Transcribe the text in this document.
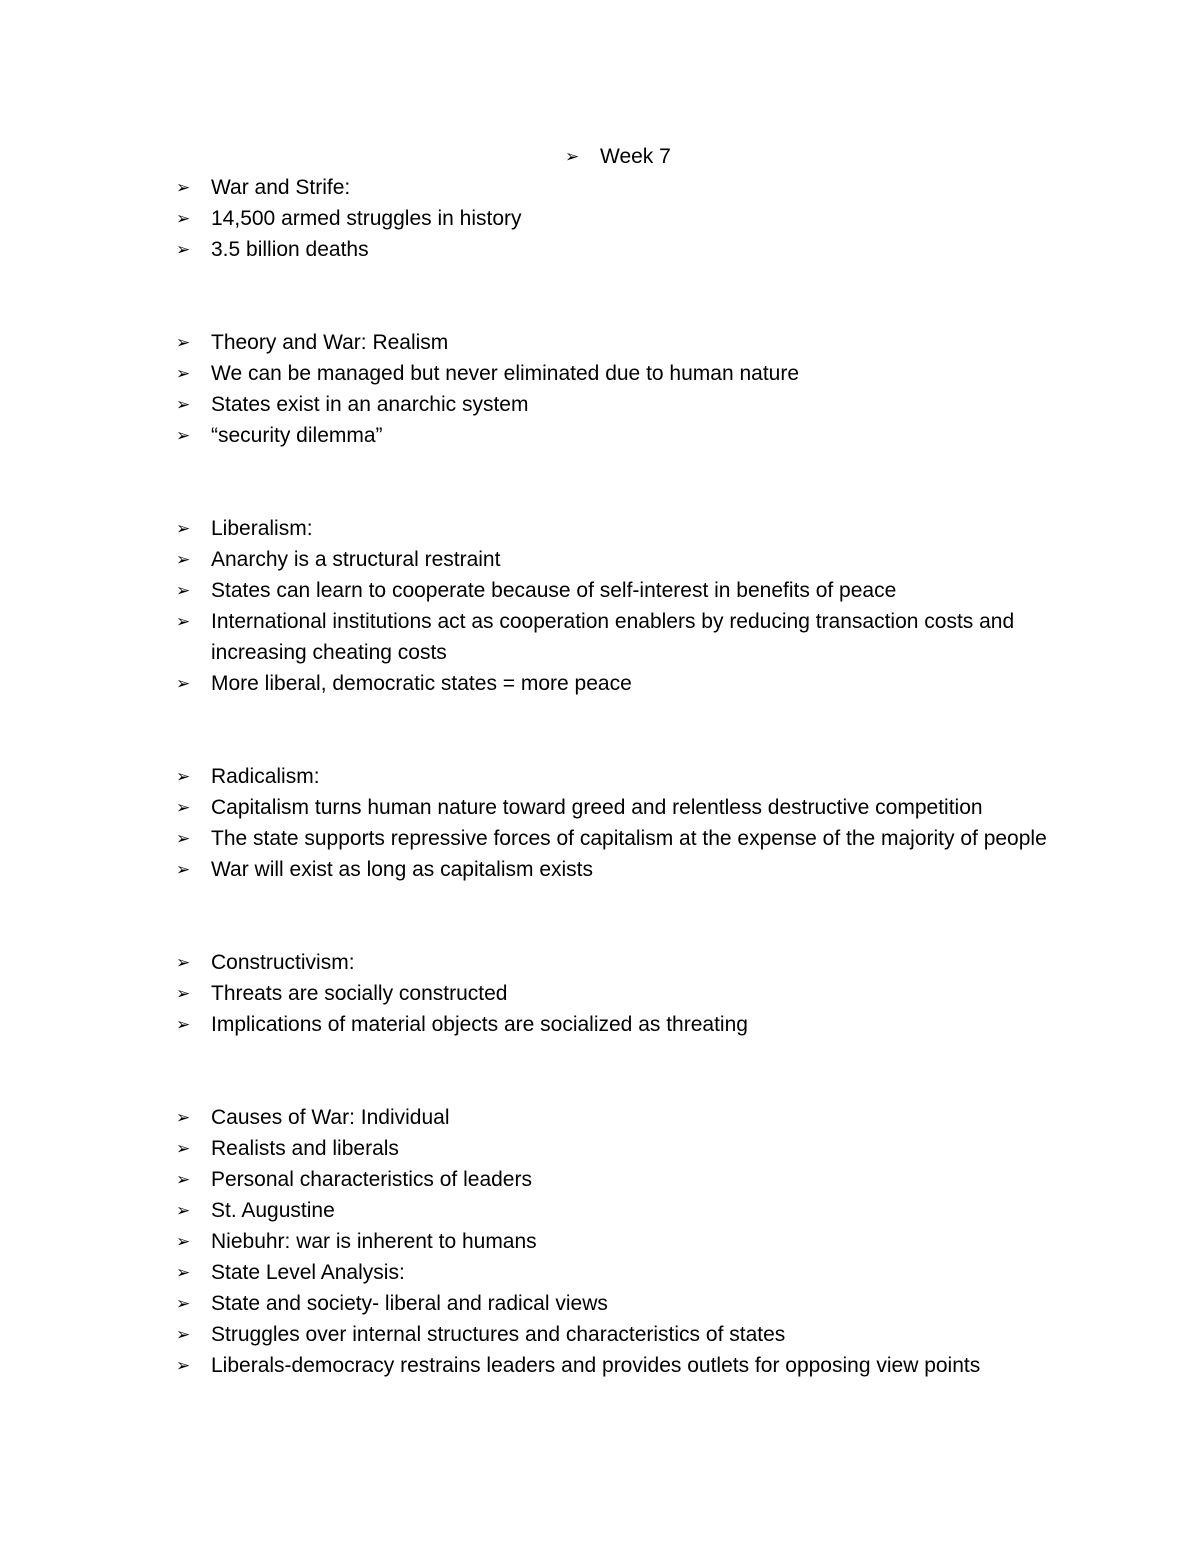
➢ Week 7
➢ War and Strife:
➢ 14,500 armed struggles in history
➢ 3.5 billion deaths
➢ Theory and War: Realism
➢ We can be managed but never eliminated due to human nature
➢ States exist in an anarchic system
➢ “security dilemma”
➢ Liberalism:
➢ Anarchy is a structural restraint
➢ States can learn to cooperate because of self-interest in benefits of peace
➢ International institutions act as cooperation enablers by reducing transaction costs and increasing cheating costs
➢ More liberal, democratic states = more peace
➢ Radicalism:
➢ Capitalism turns human nature toward greed and relentless destructive competition
➢ The state supports repressive forces of capitalism at the expense of the majority of people
➢ War will exist as long as capitalism exists
➢ Constructivism:
➢ Threats are socially constructed
➢ Implications of material objects are socialized as threating
➢ Causes of War: Individual
➢ Realists and liberals
➢ Personal characteristics of leaders
➢ St. Augustine
➢ Niebuhr: war is inherent to humans
➢ State Level Analysis:
➢ State and society- liberal and radical views
➢ Struggles over internal structures and characteristics of states
➢ Liberals-democracy restrains leaders and provides outlets for opposing view points
